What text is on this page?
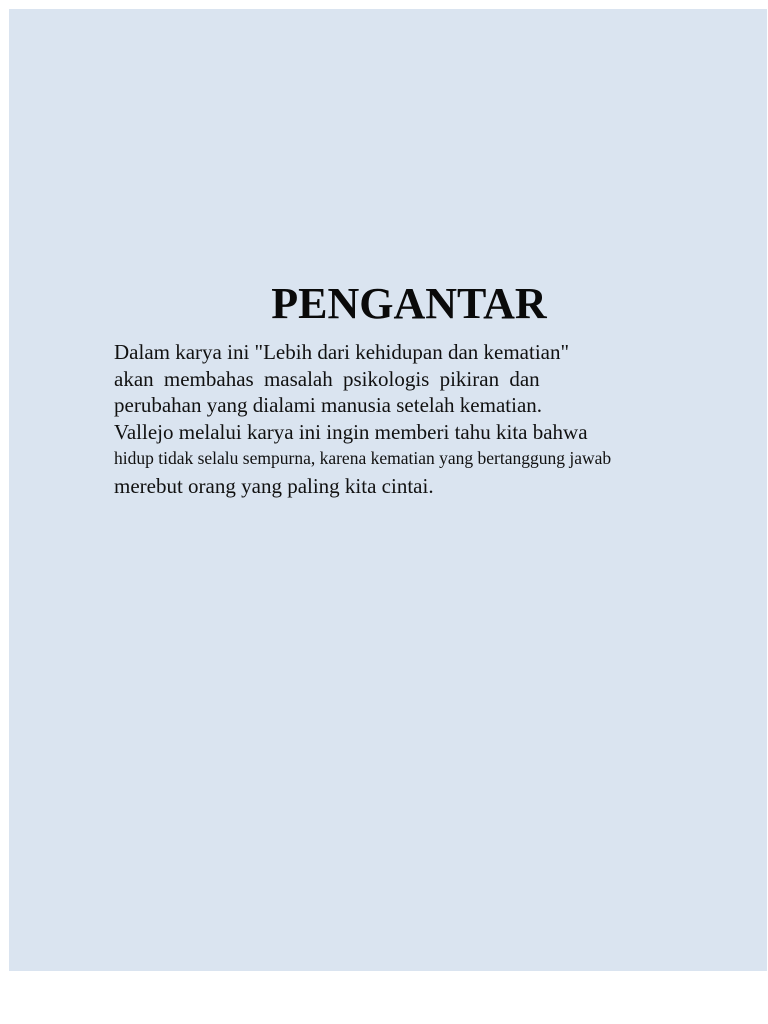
PENGANTAR
Dalam karya ini "Lebih dari kehidupan dan kematian"
akan membahas masalah psikologis pikiran dan
perubahan yang dialami manusia setelah kematian.
Vallejo melalui karya ini ingin memberi tahu kita bahwa
hidup tidak selalu sempurna, karena kematian yang bertanggung jawab
merebut orang yang paling kita cintai.
